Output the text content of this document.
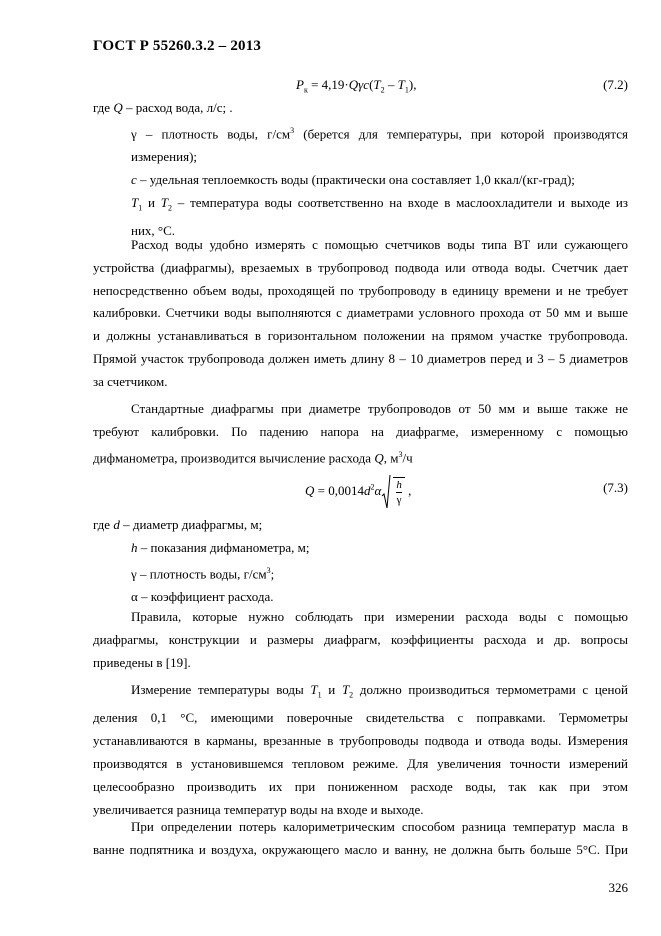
ГОСТ Р 55260.3.2 – 2013
$P_к = 4,19\cdot Q\gamma c(T_2 - T_1)$,	(7.2)
где Q – расход вода, л/с; .
γ – плотность воды, $г/см^3$ (берется для температуры, при которой производятся
измерения);
c – удельная теплоемкость воды (практически она составляет 1,0 ккал/(кг-град);
$T_1$ и $T_2$ – температура воды соответственно на входе в маслоохладители и выходе из
них, °С.
Расход воды удобно измерять с помощью счетчиков воды типа ВТ или сужающего
устройства (диафрагмы), врезаемых в трубопровод подвода или отвода воды. Счетчик дает
непосредственно объем воды, проходящей по трубопроводу в единицу времени и не требует
калибровки. Счетчики воды выполняются с диаметрами условного прохода от 50 мм и выше
и должны устанавливаться в горизонтальном положении на прямом участке трубопровода.
Прямой участок трубопровода должен иметь длину 8 – 10 диаметров перед и 3 – 5 диаметров
за счетчиком.
Стандартные диафрагмы при диаметре трубопроводов от 50 мм и выше также не
требуют калибровки. По падению напора на диафрагме, измеренному с помощью
дифманометра, производится вычисление расхода Q, $м^3/ч$
$Q = 0,0014d^2\alpha \frac{h}{\gamma}$ ,	(7.3)
где d – диаметр диафрагмы, м;
h – показания дифманометра, м;
γ – плотность воды, $г/см^3$;
α – коэффициент расхода.
Правила, которые нужно соблюдать при измерении расхода воды с помощью
диафрагмы, конструкции и размеры диафрагм, коэффициенты расхода и др. вопросы
приведены в [19].
Измерение температуры воды $T_1$ и $T_2$ должно производиться термометрами с ценой
деления 0,1 °С, имеющими поверочные свидетельства с поправками. Термометры
устанавливаются в карманы, врезанные в трубопроводы подвода и отвода воды. Измерения
производятся в установившемся тепловом режиме. Для увеличения точности измерений
целесообразно производить их при пониженном расходе воды, так как при этом
увеличивается разница температур воды на входе и выходе.
При определении потерь калориметрическим способом разница температур масла в
ванне подпятника и воздуха, окружающего масло и ванну, не должна быть больше 5°С. При
326
